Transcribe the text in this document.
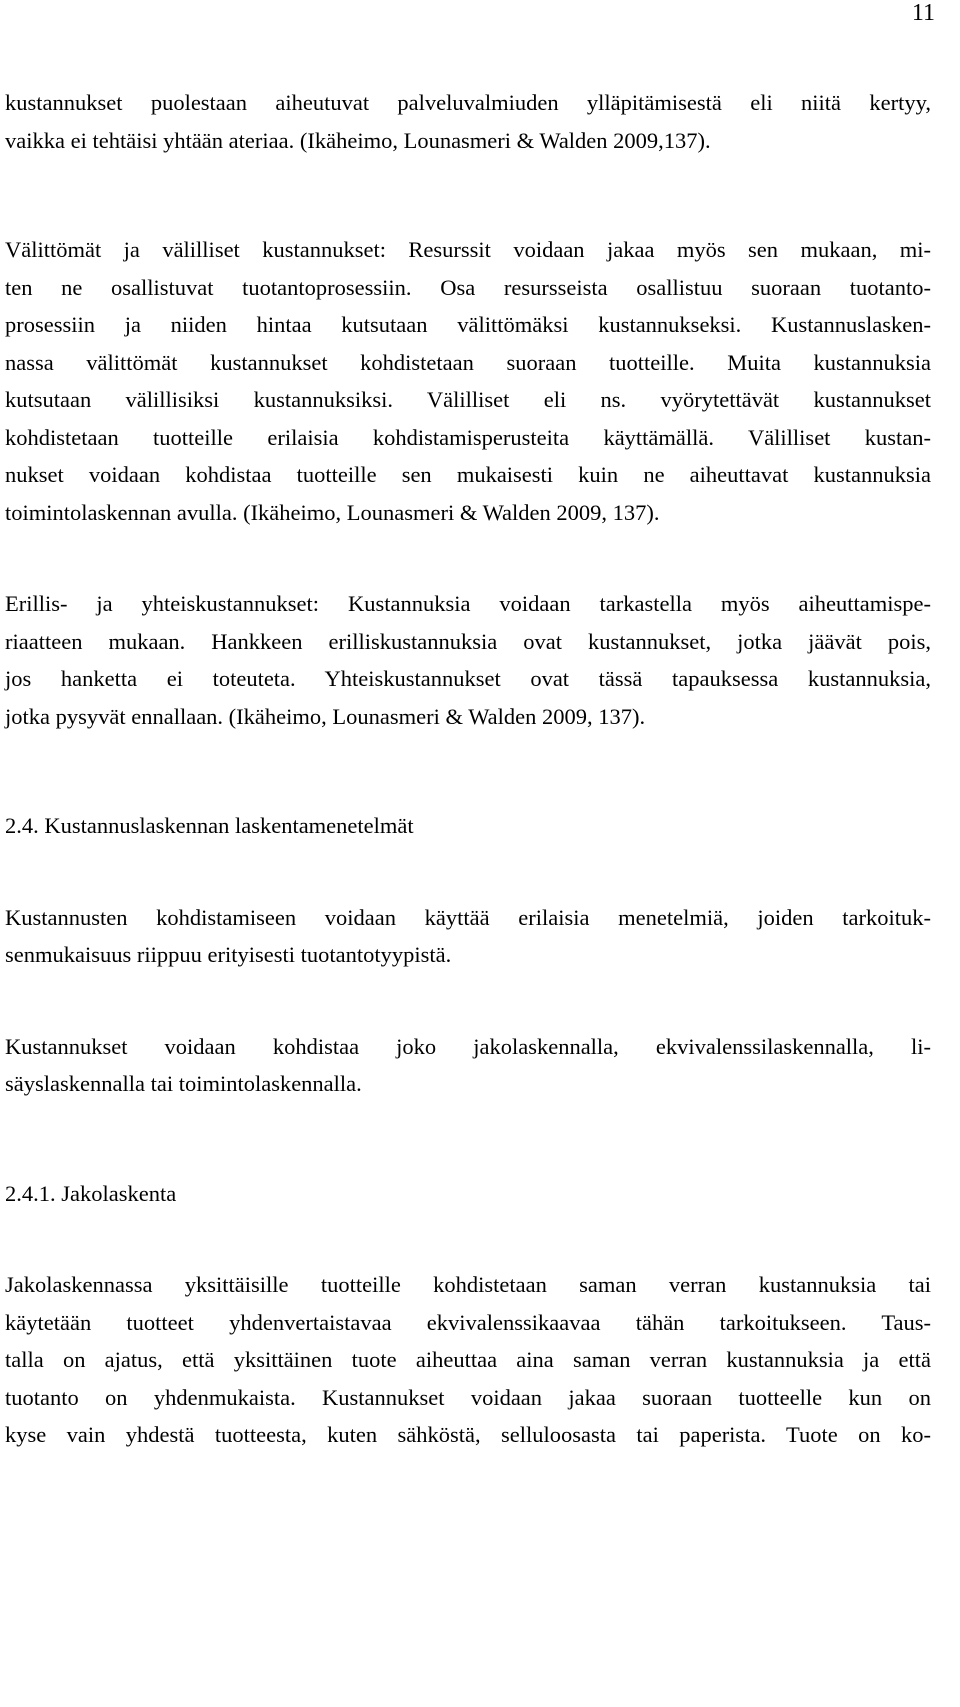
11
kustannukset puolestaan aiheutuvat palveluvalmiuden ylläpitämisestä eli niitä kertyy,
vaikka ei tehtäisi yhtään ateriaa. (Ikäheimo, Lounasmeri & Walden 2009,137).
Välittömät ja välilliset kustannukset: Resurssit voidaan jakaa myös sen mukaan, mi-
ten ne osallistuvat tuotantoprosessiin. Osa resursseista osallistuu suoraan tuotanto-
prosessiin ja niiden hintaa kutsutaan välittömäksi kustannukseksi. Kustannuslasken-
nassa välittömät kustannukset kohdistetaan suoraan tuotteille. Muita kustannuksia
kutsutaan välillisiksi kustannuksiksi. Välilliset eli ns. vyörytettävät kustannukset
kohdistetaan tuotteille erilaisia kohdistamisperusteita käyttämällä. Välilliset kustan-
nukset voidaan kohdistaa tuotteille sen mukaisesti kuin ne aiheuttavat kustannuksia
toimintolaskennan avulla. (Ikäheimo, Lounasmeri & Walden 2009, 137).
Erillis- ja yhteiskustannukset: Kustannuksia voidaan tarkastella myös aiheuttamispe-
riaatteen mukaan. Hankkeen erilliskustannuksia ovat kustannukset, jotka jäävät pois,
jos hanketta ei toteuteta. Yhteiskustannukset ovat tässä tapauksessa kustannuksia,
jotka pysyvät ennallaan. (Ikäheimo, Lounasmeri & Walden 2009, 137).
2.4. Kustannuslaskennan laskentamenetelmät
Kustannusten kohdistamiseen voidaan käyttää erilaisia menetelmiä, joiden tarkoituk-
senmukaisuus riippuu erityisesti tuotantotyypistä.
Kustannukset voidaan kohdistaa joko jakolaskennalla, ekvivalenssilaskennalla, li-
säyslaskennalla tai toimintolaskennalla.
2.4.1. Jakolaskenta
Jakolaskennassa yksittäisille tuotteille kohdistetaan saman verran kustannuksia tai
käytetään tuotteet yhdenvertaistavaa ekvivalenssikaavaa tähän tarkoitukseen. Taus-
talla on ajatus, että yksittäinen tuote aiheuttaa aina saman verran kustannuksia ja että
tuotanto on yhdenmukaista. Kustannukset voidaan jakaa suoraan tuotteelle kun on
kyse vain yhdestä tuotteesta, kuten sähköstä, selluloosasta tai paperista. Tuote on ko-
